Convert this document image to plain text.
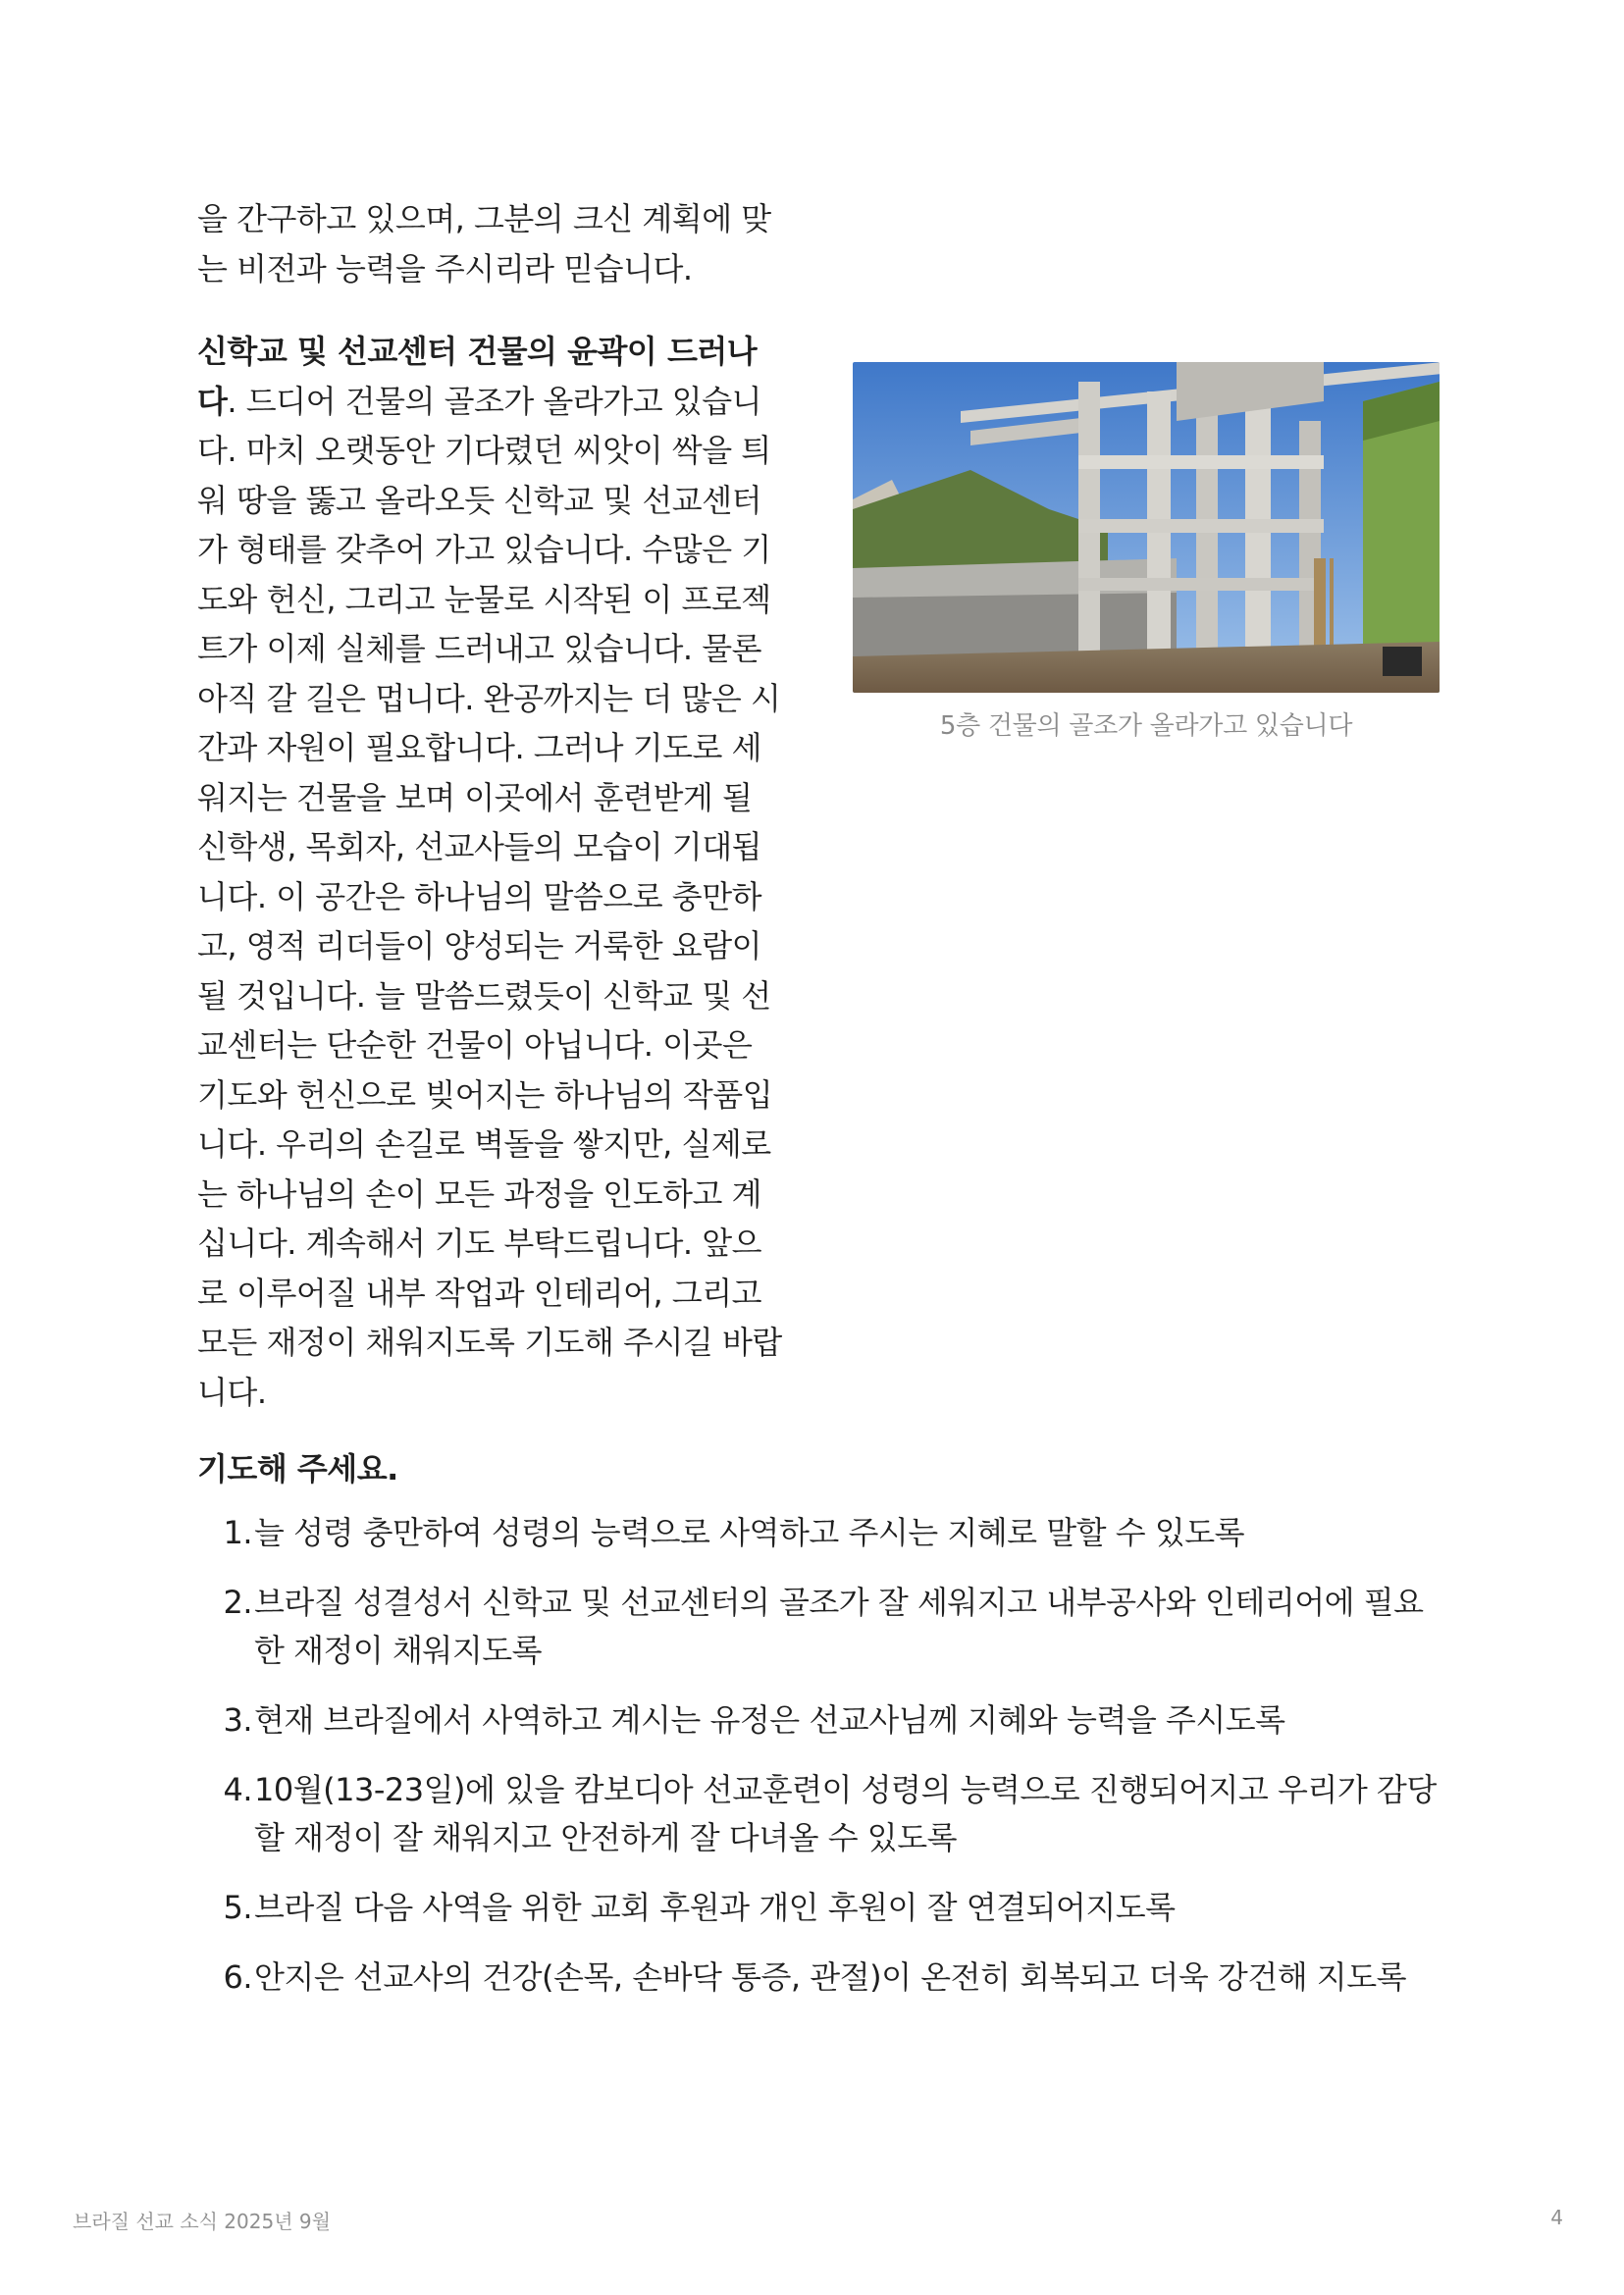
을 간구하고 있으며, 그분의 크신 계획에 맞는 비전과 능력을 주시리라 믿습니다.

신학교 및 선교센터 건물의 윤곽이 드러나다. 드디어 건물의 골조가 올라가고 있습니다. 마치 오랫동안 기다렸던 씨앗이 싹을 틔워 땅을 뚫고 올라오듯 신학교 및 선교센터가 형태를 갖추어 가고 있습니다. 수많은 기도와 헌신, 그리고 눈물로 시작된 이 프로젝트가 이제 실체를 드러내고 있습니다. 물론 아직 갈 길은 멉니다. 완공까지는 더 많은 시간과 자원이 필요합니다. 그러나 기도로 세워지는 건물을 보며 이곳에서 훈련받게 될 신학생, 목회자, 선교사들의 모습이 기대됩니다. 이 공간은 하나님의 말씀으로 충만하고, 영적 리더들이 양성되는 거룩한 요람이 될 것입니다. 늘 말씀드렸듯이 신학교 및 선교센터는 단순한 건물이 아닙니다. 이곳은 기도와 헌신으로 빚어지는 하나님의 작품입니다. 우리의 손길로 벽돌을 쌓지만, 실제로는 하나님의 손이 모든 과정을 인도하고 계십니다. 계속해서 기도 부탁드립니다. 앞으로 이루어질 내부 작업과 인테리어, 그리고 모든 재정이 채워지도록 기도해 주시길 바랍니다.

5층 건물의 골조가 올라가고 있습니다
기도해 주세요.
1. 늘 성령 충만하여 성령의 능력으로 사역하고 주시는 지혜로 말할 수 있도록
2. 브라질 성결성서 신학교 및 선교센터의 골조가 잘 세워지고 내부공사와 인테리어에 필요한 재정이 채워지도록
3. 현재 브라질에서 사역하고 계시는 유정은 선교사님께 지혜와 능력을 주시도록
4. 10월(13-23일)에 있을 캄보디아 선교훈련이 성령의 능력으로 진행되어지고 우리가 감당할 재정이 잘 채워지고 안전하게 잘 다녀올 수 있도록
5. 브라질 다음 사역을 위한 교회 후원과 개인 후원이 잘 연결되어지도록
6. 안지은 선교사의 건강(손목, 손바닥 통증, 관절)이 온전히 회복되고 더욱 강건해 지도록
브라질 선교 소식 2025년 9월	4
